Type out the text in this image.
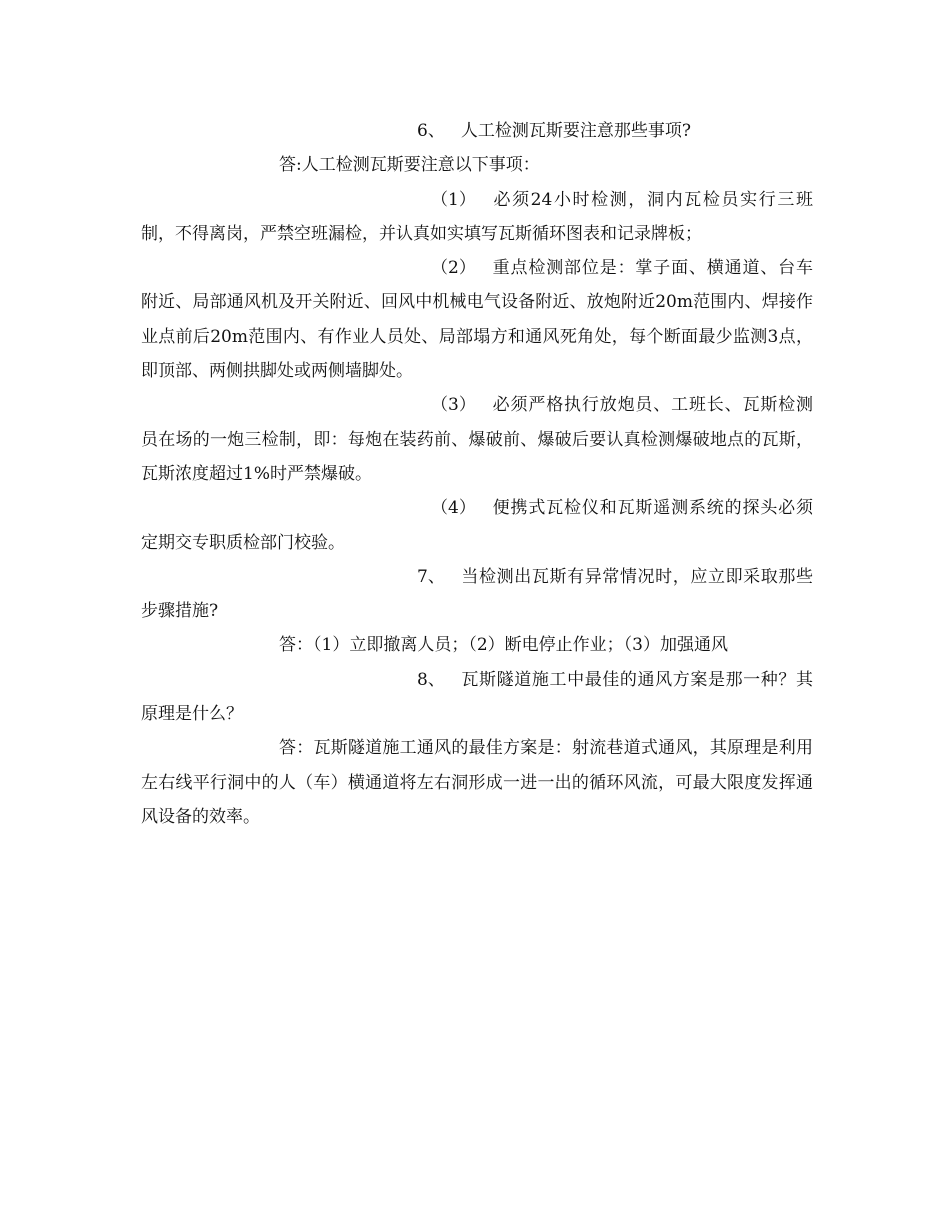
6、 人工检测瓦斯要注意那些事项?

答:人工检测瓦斯要注意以下事项：

（1） 必须24小时检测，洞内瓦检员实行三班制，不得离岗，严禁空班漏检，并认真如实填写瓦斯循环图表和记录牌板；

（2） 重点检测部位是：掌子面、横通道、台车附近、局部通风机及开关附近、回风中机械电气设备附近、放炮附近20m范围内、焊接作业点前后20m范围内、有作业人员处、局部塌方和通风死角处，每个断面最少监测3点，即顶部、两侧拱脚处或两侧墙脚处。

（3） 必须严格执行放炮员、工班长、瓦斯检测员在场的一炮三检制，即：每炮在装药前、爆破前、爆破后要认真检测爆破地点的瓦斯，瓦斯浓度超过1%时严禁爆破。

（4） 便携式瓦检仪和瓦斯遥测系统的探头必须定期交专职质检部门校验。

7、 当检测出瓦斯有异常情况时，应立即采取那些步骤措施?

答：（1）立即撤离人员；（2）断电停止作业；（3）加强通风

8、 瓦斯隧道施工中最佳的通风方案是那一种？其原理是什么？

答：瓦斯隧道施工通风的最佳方案是：射流巷道式通风，其原理是利用左右线平行洞中的人（车）横通道将左右洞形成一进一出的循环风流，可最大限度发挥通风设备的效率。
